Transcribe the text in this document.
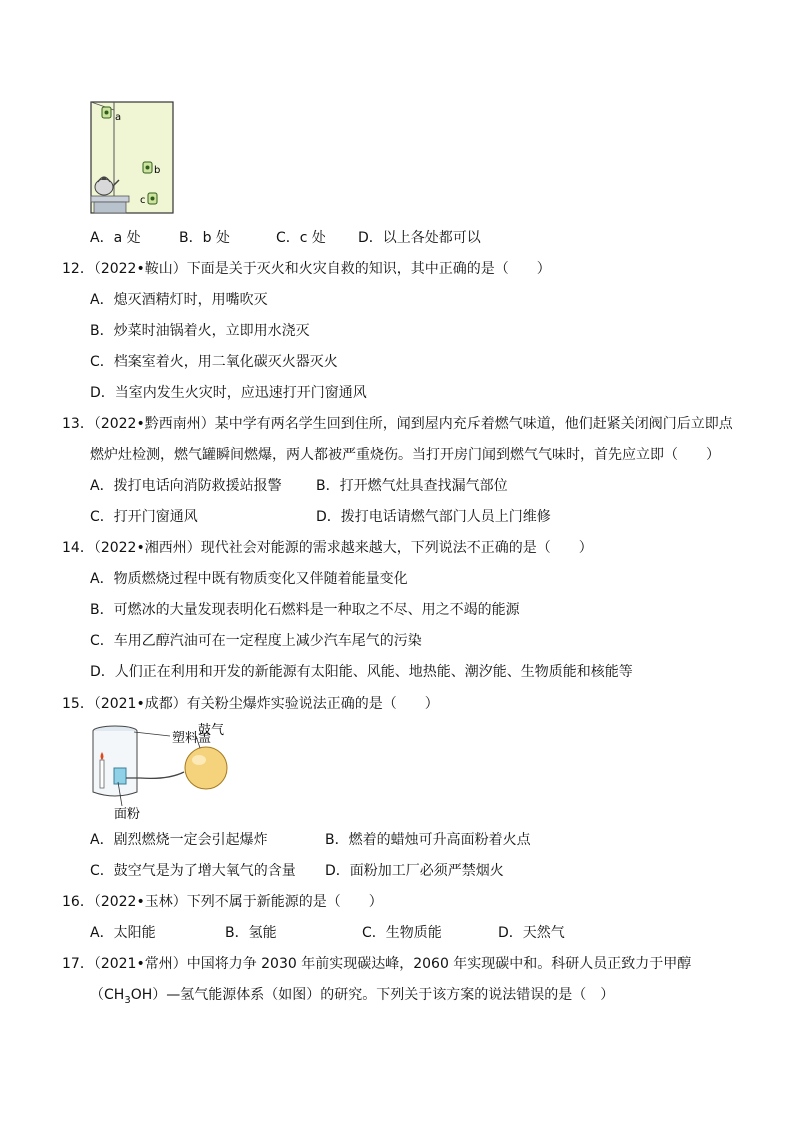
a
b
c
A．a 处	B．b 处	C．c 处 D．以上各处都可以
12．（2022•鞍山）下面是关于灭火和火灾自救的知识，其中正确的是（　　）
A．熄灭酒精灯时，用嘴吹灭
B．炒菜时油锅着火，立即用水浇灭
C．档案室着火，用二氧化碳灭火器灭火
D．当室内发生火灾时，应迅速打开门窗通风
13．（2022•黔西南州）某中学有两名学生回到住所，闻到屋内充斥着燃气味道，他们赶紧关闭阀门后立即点
燃炉灶检测，燃气罐瞬间燃爆，两人都被严重烧伤。当打开房门闻到燃气气味时，首先应立即（　　）
A．拨打电话向消防救援站报警 B．打开燃气灶具查找漏气部位
C．打开门窗通风	D．拨打电话请燃气部门人员上门维修
14．（2022•湘西州）现代社会对能源的需求越来越大，下列说法不正确的是（　　）
A．物质燃烧过程中既有物质变化又伴随着能量变化
B．可燃冰的大量发现表明化石燃料是一种取之不尽、用之不竭的能源
C．车用乙醇汽油可在一定程度上减少汽车尾气的污染
D．人们正在利用和开发的新能源有太阳能、风能、地热能、潮汐能、生物质能和核能等
15．（2021•成都）有关粉尘爆炸实验说法正确的是（　　）
塑料盖
鼓气
面粉
A．剧烈燃烧一定会引起爆炸	B．燃着的蜡烛可升高面粉着火点
C．鼓空气是为了增大氧气的含量 D．面粉加工厂必须严禁烟火
16．（2022•玉林）下列不属于新能源的是（　　）
A．太阳能	B．氢能	C．生物质能	D．天然气
17．（2021•常州）中国将力争 2030 年前实现碳达峰，2060 年实现碳中和。科研人员正致力于甲醇
$(CH_3OH)—$氢气能源体系（如图）的研究。下列关于该方案的说法错误的是（　）
